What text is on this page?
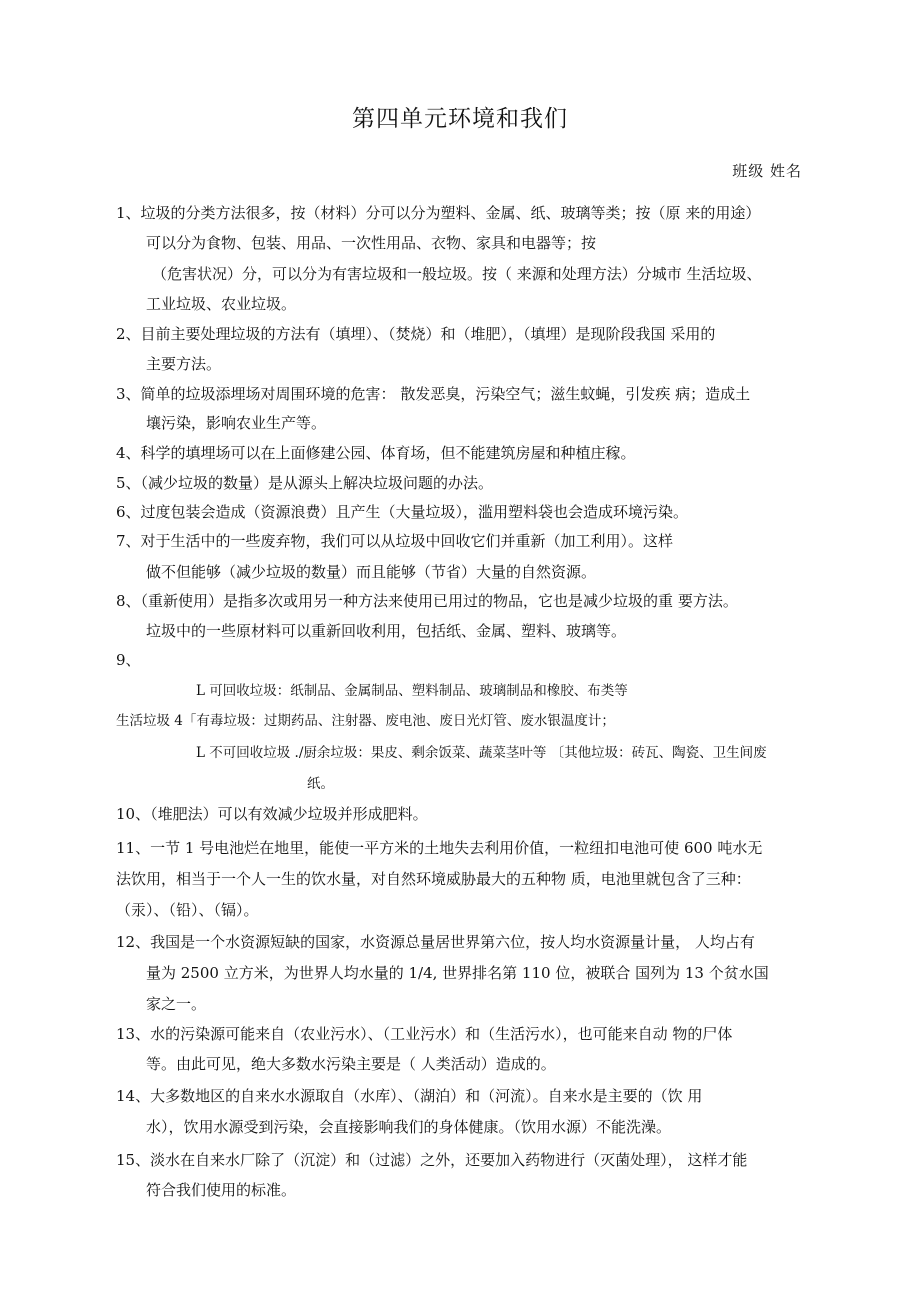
第四单元环境和我们
班级 姓名
1、垃圾的分类方法很多，按（材料）分可以分为塑料、金属、纸、玻璃等类；按（原 来的用途）
可以分为食物、包装、用品、一次性用品、衣物、家具和电器等；按
（危害状况）分，可以分为有害垃圾和一般垃圾。按（ 来源和处理方法）分城市 生活垃圾、
工业垃圾、农业垃圾。
2、目前主要处理垃圾的方法有（填埋）、（焚烧）和（堆肥），（填埋）是现阶段我国 采用的
主要方法。
3、简单的垃圾添埋场对周围环境的危害： 散发恶臭，污染空气；滋生蚊蝇，引发疾 病；造成土
壤污染，影响农业生产等。
4、科学的填埋场可以在上面修建公园、体育场，但不能建筑房屋和种植庄稼。
5、（减少垃圾的数量）是从源头上解决垃圾问题的办法。
6、过度包装会造成（资源浪费）且产生（大量垃圾），滥用塑料袋也会造成环境污染。
7、对于生活中的一些废弃物，我们可以从垃圾中回收它们并重新（加工利用）。这样
做不但能够（减少垃圾的数量）而且能够（节省）大量的自然资源。
8、（重新使用）是指多次或用另一种方法来使用已用过的物品，它也是减少垃圾的重 要方法。
垃圾中的一些原材料可以重新回收利用，包括纸、金属、塑料、玻璃等。
9、
L 可回收垃圾：纸制品、金属制品、塑料制品、玻璃制品和橡胶、布类等
生活垃圾 4「有毒垃圾：过期药品、注射器、废电池、废日光灯管、废水银温度计；
L 不可回收垃圾 ./厨余垃圾：果皮、剩余饭菜、蔬菜茎叶等 〔其他垃圾：砖瓦、陶瓷、卫生间废
纸。
10、（堆肥法）可以有效减少垃圾并形成肥料。
11、一节 1 号电池烂在地里，能使一平方米的土地失去利用价值，一粒纽扣电池可使 600 吨水无
法饮用，相当于一个人一生的饮水量，对自然环境威胁最大的五种物 质，电池里就包含了三种：
（汞）、（铅）、（镉）。
12、我国是一个水资源短缺的国家，水资源总量居世界第六位，按人均水资源量计量， 人均占有
量为 2500 立方米，为世界人均水量的 1/4, 世界排名第 110 位，被联合 国列为 13 个贫水国
家之一。
13、水的污染源可能来自（农业污水）、（工业污水）和（生活污水），也可能来自动 物的尸体
等。由此可见，绝大多数水污染主要是（ 人类活动）造成的。
14、大多数地区的自来水水源取自（水库）、（湖泊）和（河流）。自来水是主要的（饮 用
水），饮用水源受到污染，会直接影响我们的身体健康。（饮用水源）不能洗澡。
15、淡水在自来水厂除了（沉淀）和（过滤）之外，还要加入药物进行（灭菌处理）， 这样才能
符合我们使用的标准。
